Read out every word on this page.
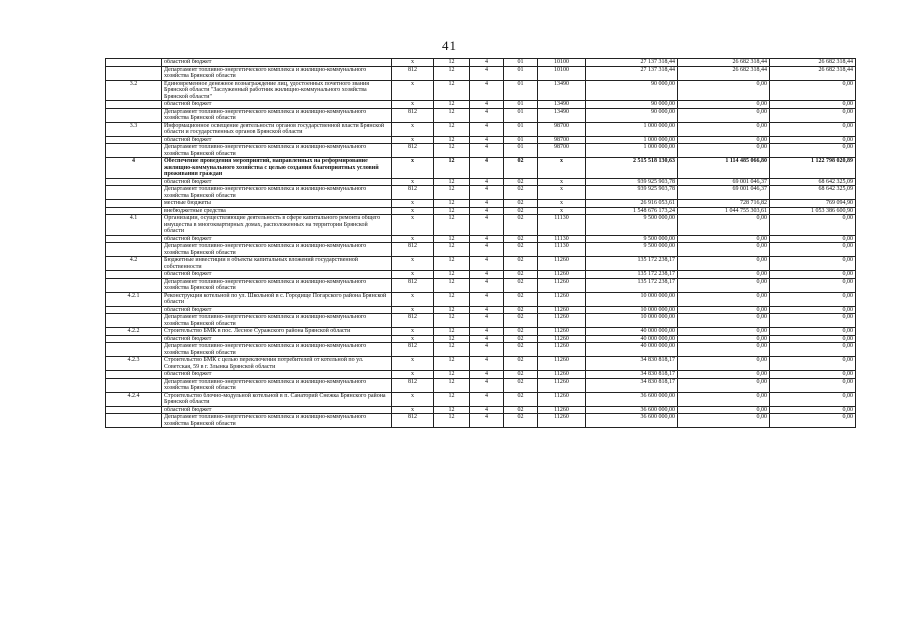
41
	областной бюджет	х	12	4	01	10100	27 137 318,44	26 682 318,44	26 682 318,44
	Департамент топливно-энергетического комплекса и жилищно-коммунального хозяйства Брянской области	812	12	4	01	10100	27 137 318,44	26 682 318,44	26 682 318,44
3.2	Единовременное денежное вознаграждение лиц, удостоенных почетного звания Брянской области "Заслуженный работник жилищно-коммунального хозяйства Брянской области"	х	12	4	01	13490	90 000,00	0,00	0,00
	областной бюджет	х	12	4	01	13490	90 000,00	0,00	0,00
	Департамент топливно-энергетического комплекса и жилищно-коммунального хозяйства Брянской области	812	12	4	01	13490	90 000,00	0,00	0,00
3.3	Информационное освещение деятельности органов государственной власти Брянской области и государственных органов Брянской области	х	12	4	01	98700	1 000 000,00	0,00	0,00
	областной бюджет	х	12	4	01	98700	1 000 000,00	0,00	0,00
	Департамент топливно-энергетического комплекса и жилищно-коммунального хозяйства Брянской области	812	12	4	01	98700	1 000 000,00	0,00	0,00
4	Обеспечение проведения мероприятий, направленных на реформирование жилищно-коммунального хозяйства с целью создания благоприятных условий проживания граждан	х	12	4	02	х	2 515 518 130,63	1 114 485 066,80	1 122 798 020,89
	областной бюджет	х	12	4	02	х	939 925 903,78	69 001 046,37	68 642 325,09
	Департамент топливно-энергетического комплекса и жилищно-коммунального хозяйства Брянской области	812	12	4	02	х	939 925 903,78	69 001 046,37	68 642 325,09
	местные бюджеты	х	12	4	02	х	26 916 053,61	728 716,82	769 094,90
	внебюджетные средства	х	12	4	02	х	1 548 676 173,24	1 044 755 303,61	1 053 386 600,90
4.1	Организации, осуществляющие деятельность в сфере капитального ремонта общего имущества в многоквартирных домах, расположенных на территории Брянской области	х	12	4	02	11130	9 500 000,00	0,00	0,00
	областной бюджет	х	12	4	02	11130	9 500 000,00	0,00	0,00
	Департамент топливно-энергетического комплекса и жилищно-коммунального хозяйства Брянской области	812	12	4	02	11130	9 500 000,00	0,00	0,00
4.2	Бюджетные инвестиции в объекты капитальных вложений государственной собственности	х	12	4	02	11260	135 172 238,17	0,00	0,00
	областной бюджет	х	12	4	02	11260	135 172 238,17	0,00	0,00
	Департамент топливно-энергетического комплекса и жилищно-коммунального хозяйства Брянской области	812	12	4	02	11260	135 172 238,17	0,00	0,00
4.2.1	Реконструкция котельной по ул. Школьной в с. Городище Погарского района Брянской области	х	12	4	02	11260	10 000 000,00	0,00	0,00
	областной бюджет	х	12	4	02	11260	10 000 000,00	0,00	0,00
	Департамент топливно-энергетического комплекса и жилищно-коммунального хозяйства Брянской области	812	12	4	02	11260	10 000 000,00	0,00	0,00
4.2.2	Строительство БМК в пос. Лесное Суражского района Брянской области	х	12	4	02	11260	40 000 000,00	0,00	0,00
	областной бюджет	х	12	4	02	11260	40 000 000,00	0,00	0,00
	Департамент топливно-энергетического комплекса и жилищно-коммунального хозяйства Брянской области	812	12	4	02	11260	40 000 000,00	0,00	0,00
4.2.3	Строительство БМК с целью переключения потребителей от котельной по ул. Советская, 59 в г. Злынка Брянской области	х	12	4	02	11260	34 830 818,17	0,00	0,00
	областной бюджет	х	12	4	02	11260	34 830 818,17	0,00	0,00
	Департамент топливно-энергетического комплекса и жилищно-коммунального хозяйства Брянской области	812	12	4	02	11260	34 830 818,17	0,00	0,00
4.2.4	Строительство блочно-модульной котельной в п. Санаторий Снежка Брянского района Брянской области	х	12	4	02	11260	36 600 000,00	0,00	0,00
	областной бюджет	х	12	4	02	11260	36 600 000,00	0,00	0,00
	Департамент топливно-энергетического комплекса и жилищно-коммунального хозяйства Брянской области	812	12	4	02	11260	36 600 000,00	0,00	0,00
